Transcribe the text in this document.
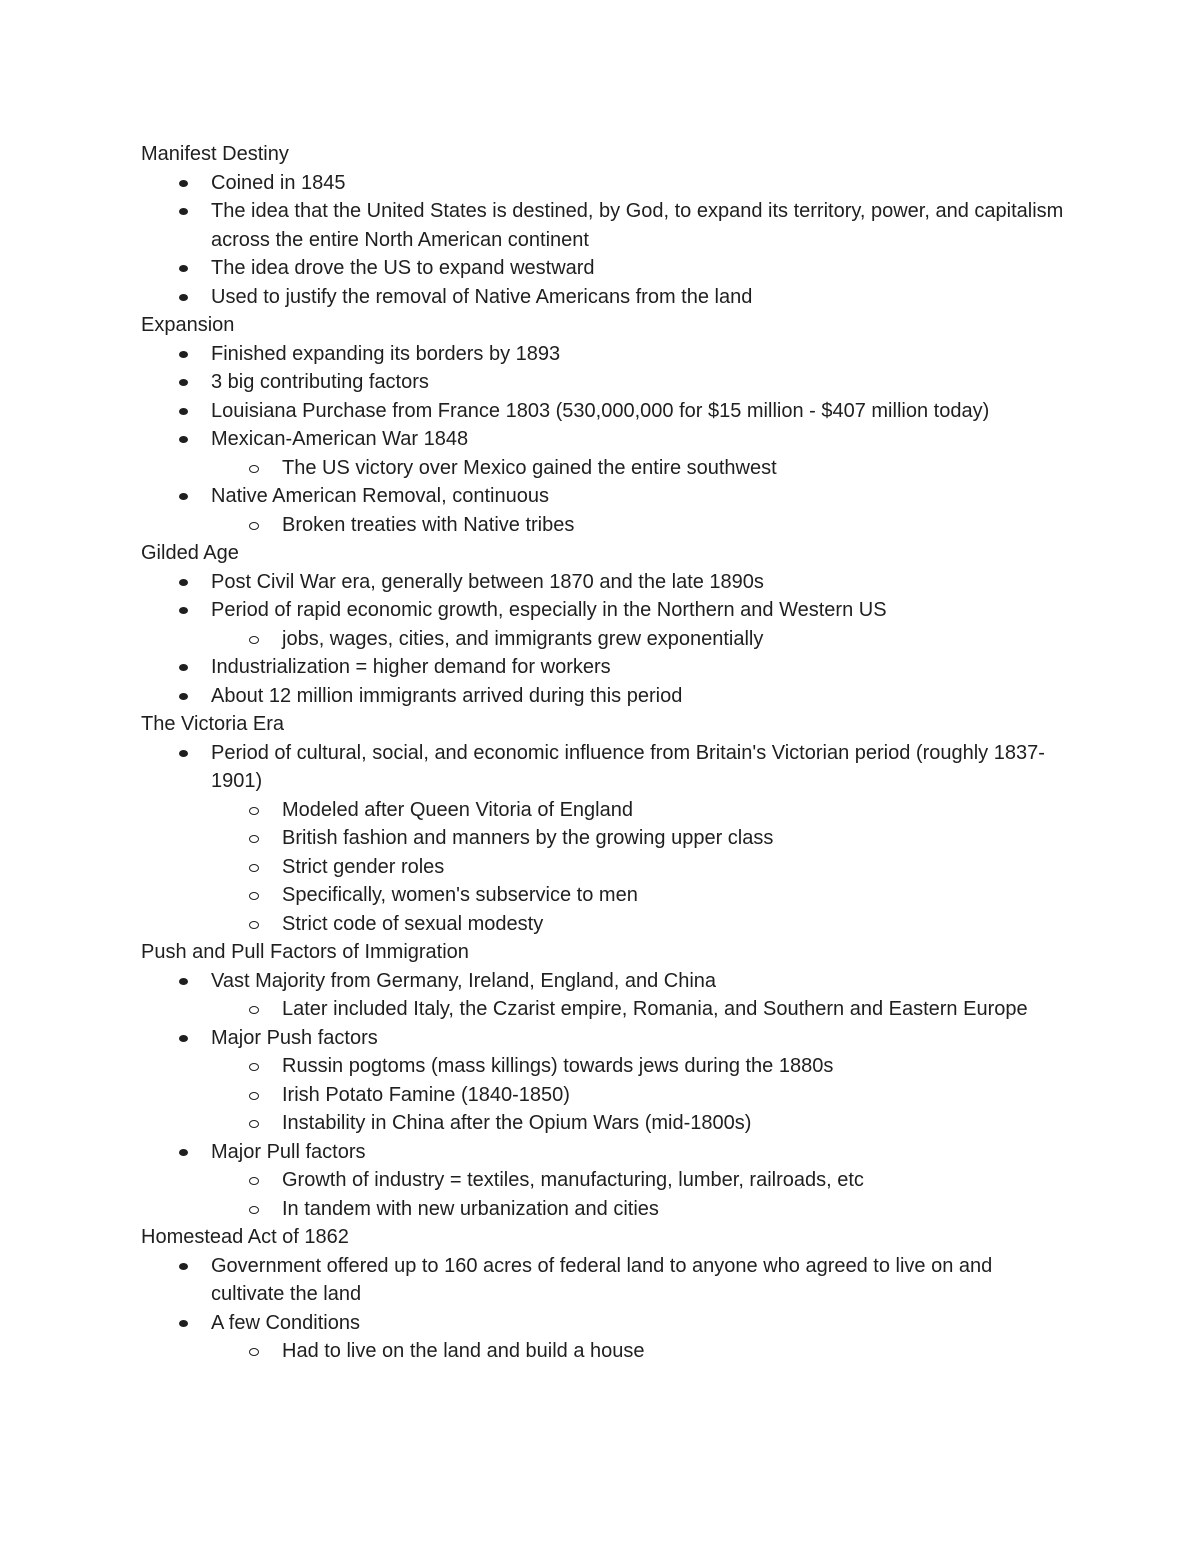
Manifest Destiny

Coined in 1845
The idea that the United States is destined, by God, to expand its territory, power, and capitalism across the entire North American continent
The idea drove the US to expand westward
Used to justify the removal of Native Americans from the land

Expansion

Finished expanding its borders by 1893
3 big contributing factors
Louisiana Purchase from France 1803 (530,000,000 for $15 million - $407 million today)
Mexican-American War 1848
The US victory over Mexico gained the entire southwest
Native American Removal, continuous
Broken treaties with Native tribes

Gilded Age

Post Civil War era, generally between 1870 and the late 1890s
Period of rapid economic growth, especially in the Northern and Western US
jobs, wages, cities, and immigrants grew exponentially
Industrialization = higher demand for workers
About 12 million immigrants arrived during this period

The Victoria Era

Period of cultural, social, and economic influence from Britain's Victorian period (roughly 1837-1901)
Modeled after Queen Vitoria of England
British fashion and manners by the growing upper class
Strict gender roles
Specifically, women's subservice to men
Strict code of sexual modesty

Push and Pull Factors of Immigration

Vast Majority from Germany, Ireland, England, and China
Later included Italy, the Czarist empire, Romania, and Southern and Eastern Europe
Major Push factors
Russin pogtoms (mass killings) towards jews during the 1880s
Irish Potato Famine (1840-1850)
Instability in China after the Opium Wars (mid-1800s)
Major Pull factors
Growth of industry = textiles, manufacturing, lumber, railroads, etc
In tandem with new urbanization and cities

Homestead Act of 1862

Government offered up to 160 acres of federal land to anyone who agreed to live on and cultivate the land
A few Conditions
Had to live on the land and build a house
